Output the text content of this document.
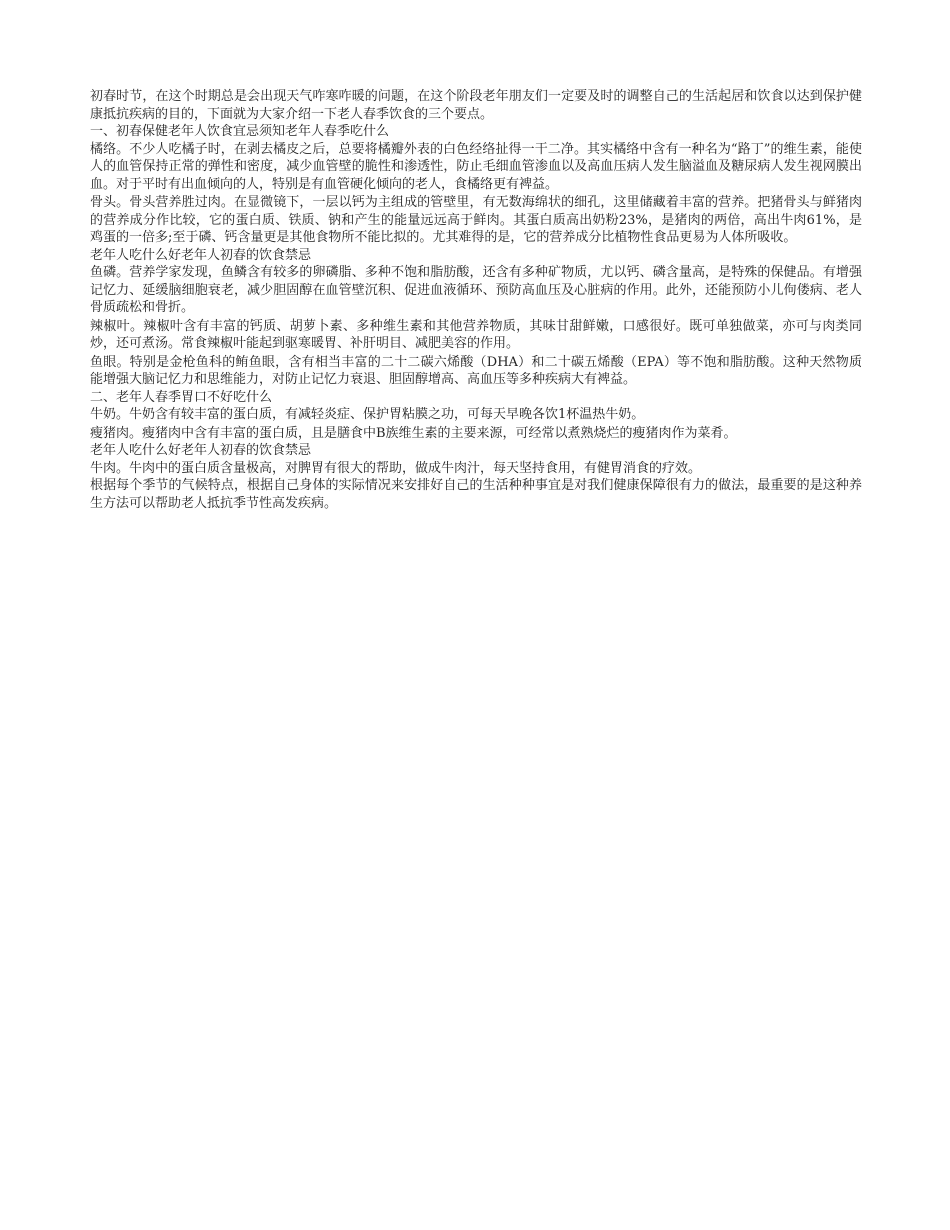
初春时节，在这个时期总是会出现天气咋寒咋暖的问题，在这个阶段老年朋友们一定要及时的调整自己的生活起居和饮食以达到保护健康抵抗疾病的目的，下面就为大家介绍一下老人春季饮食的三个要点。

一、初春保健老年人饮食宜忌须知老年人春季吃什么

橘络。不少人吃橘子时，在剥去橘皮之后，总要将橘瓣外表的白色经络扯得一干二净。其实橘络中含有一种名为“路丁”的维生素，能使人的血管保持正常的弹性和密度，减少血管壁的脆性和渗透性，防止毛细血管渗血以及高血压病人发生脑溢血及糖尿病人发生视网膜出血。对于平时有出血倾向的人，特别是有血管硬化倾向的老人，食橘络更有裨益。

骨头。骨头营养胜过肉。在显微镜下，一层以钙为主组成的管壁里，有无数海绵状的细孔，这里储藏着丰富的营养。把猪骨头与鲜猪肉的营养成分作比较，它的蛋白质、铁质、钠和产生的能量远远高于鲜肉。其蛋白质高出奶粉23%，是猪肉的两倍，高出牛肉61%，是鸡蛋的一倍多;至于磷、钙含量更是其他食物所不能比拟的。尤其难得的是，它的营养成分比植物性食品更易为人体所吸收。

老年人吃什么好老年人初春的饮食禁忌

鱼磷。营养学家发现，鱼鳞含有较多的卵磷脂、多种不饱和脂肪酸，还含有多种矿物质，尤以钙、磷含量高，是特殊的保健品。有增强记忆力、延缓脑细胞衰老，减少胆固醇在血管壁沉积、促进血液循环、预防高血压及心脏病的作用。此外，还能预防小儿佝偻病、老人骨质疏松和骨折。

辣椒叶。辣椒叶含有丰富的钙质、胡萝卜素、多种维生素和其他营养物质，其味甘甜鲜嫩，口感很好。既可单独做菜，亦可与肉类同炒，还可煮汤。常食辣椒叶能起到驱寒暖胃、补肝明目、减肥美容的作用。

鱼眼。特别是金枪鱼科的鲔鱼眼，含有相当丰富的二十二碳六烯酸（DHA）和二十碳五烯酸（EPA）等不饱和脂肪酸。这种天然物质能增强大脑记忆力和思维能力，对防止记忆力衰退、胆固醇增高、高血压等多种疾病大有裨益。

二、老年人春季胃口不好吃什么

牛奶。牛奶含有较丰富的蛋白质，有减轻炎症、保护胃粘膜之功，可每天早晚各饮1杯温热牛奶。

瘦猪肉。瘦猪肉中含有丰富的蛋白质，且是膳食中B族维生素的主要来源，可经常以煮熟烧烂的瘦猪肉作为菜肴。

老年人吃什么好老年人初春的饮食禁忌

牛肉。牛肉中的蛋白质含量极高，对脾胃有很大的帮助，做成牛肉汁，每天坚持食用，有健胃消食的疗效。

根据每个季节的气候特点，根据自己身体的实际情况来安排好自己的生活种种事宜是对我们健康保障很有力的做法，最重要的是这种养生方法可以帮助老人抵抗季节性高发疾病。
